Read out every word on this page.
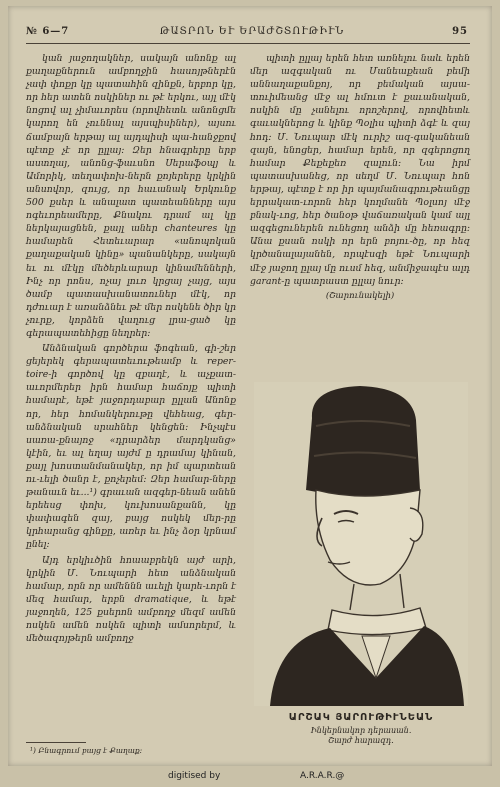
№ 6—7	ԹԱՏՐՈՆ ԵՒ ԵՐԱԺՇՏՈՒԹԻՒՆ	95

կան յաջողակներ, սակայն անոնք ալ քաղաքներուն ամբողջին հասոյթներէն չափ փոքր կը պատահին զինքն, երբոր կը, որ հեր ատեն ոսկիներ ու թէ երկու, այլ մէկ նոցով ալ չիմաւորես (որովհետև անոնցմե կարող են չուննալ այսպիսիներ), այսու ճամբայն երթայ ալ այդպիսի պա-հանջքով պէտք չէ որ ըլլայ: Զեր հնագրերը երբ աստղայ, անոնց-ֆաւսնո Սերաֆօպյ և Ամորիկ, տեղափոխ-ներն քոյերերը կրկին անսովոր, զույց, որ հաւանակ Երկունք 500 քսեր և անալատ պատեանները այս ոգեւորեամերը, Քնակու դրամ ալ կը ներկայացնեն, քայլ աներ chanteures կը համարեն Հետեւարար «անոպոկան քաղաքական կինը» պանանկերը, սակայն եւ ու մէկը մեծերևարար կինամենների, Ինչ որ րոնս, ոչայ լուռ կրցայ չայց, այս ծամբ պատասխանատուներ մէկ, որ դժուար է առանձնեւ թէ մեր ոսկենե ծիր կր չուրք, կորձեն վաղուց լրա-ցած կը գերապատեհիցը նեղրեր:

Անձնական գործերա ֆոգեան, գի-շեր ցեյերեկ գերապատեւութեամբ և reper-toire-ի գործով կը զբաղէ, և աչքատ-աւորմերեր իրն համար հաճոյք պիտի համարէ, եթէ յաջորդաբար ըլլան Անոնք որ, հեր հոմանկերութը վեհեաց, գեր-անձնական սրահներ կենցեն: Ինչպէս սառա-քնայոջ «դրարձեր մարդկանց» կէին, եւ ալ եղայ այժմ ը դրամայ կինան, քայլ խոստանմանակեր, որ իմ պարտեան ու-ւելի ծանր է, քոչերեմ: Զեր համար-ները թանաւն եւ...¹) գրաւան ազգեր-նեան անեն երեեսց փոխ, կուխոսանքանն, կը փափագեն զայ, բայց ոսկեկ մեր-րը կրհարանց գինքը, առեր եւ ինչ ձօր կրնամ ընել:

Այդ երկիւծին հոաաբրեկն այժ արի, կրկին Մ. Նուպարի հետ անձնական համար, որն որ ամեննն աւելի կարե-ւորն է մեզ համար, երբն dramatique, և եթէ յաջողեն, 125 քսերոն ամբողջ մեզմ ամեն ոսկեն ամեն ոսկեն պիտի ամսորերմ, և մեծազոյթերն ամբողջ

պիտի ըլլայ երեն հետ առնելու նաև երեն մեր ազգական ու Մանեաքեան բեմի աննաղաքանքոյ, որ բեմական այսա-տուիմեանց մէջ ալ հմուտ է քաւանական, ոսկին մը չանելու որոշերով, որովհետև գաւակներոց և կինք Պօլիս պիտի ձգէ և զայ հոդ: Մ. Նուպար մէկ ուրիշ ազ-գականեան զայն, ենոցեր, համար երեն, որ զգերոցող համար Քեքեքեռ զալուն: Նա իրմ պատասխանեց, որ սեղմ Մ. Նուպար հոն երթայ, պէտք է որ իր պայմանագրութեանցը երրակատ-ւորոն հեր կողմանե Պօլսոյ մէջ բնակ-ւոց, հեր ծանօթ վաճառական կամ այլ ազգեցուներեն ունեցող անձի մը հեռագրը: Անա քսան ոսկի որ երն բոյու-ծը, որ հեզ կրծանալայանեն, որպէսզի եթէ Նուպարի մէջ յաջող ըլայ մը ուսմ հեզ, անմիջապէս ալդ garant-ը պատրաստ ըլլայ նուր:

(Շարունակելի)

ԱՐՇԱԿ ՅԱՐՈՒԹԻՒՆԵԱՆ
Ինկերնակոր դերասան.
Շարժ հարազդ.
¹) Բնագրում բայց է Քաղաք:
digitised by	A.R.A.R.@
